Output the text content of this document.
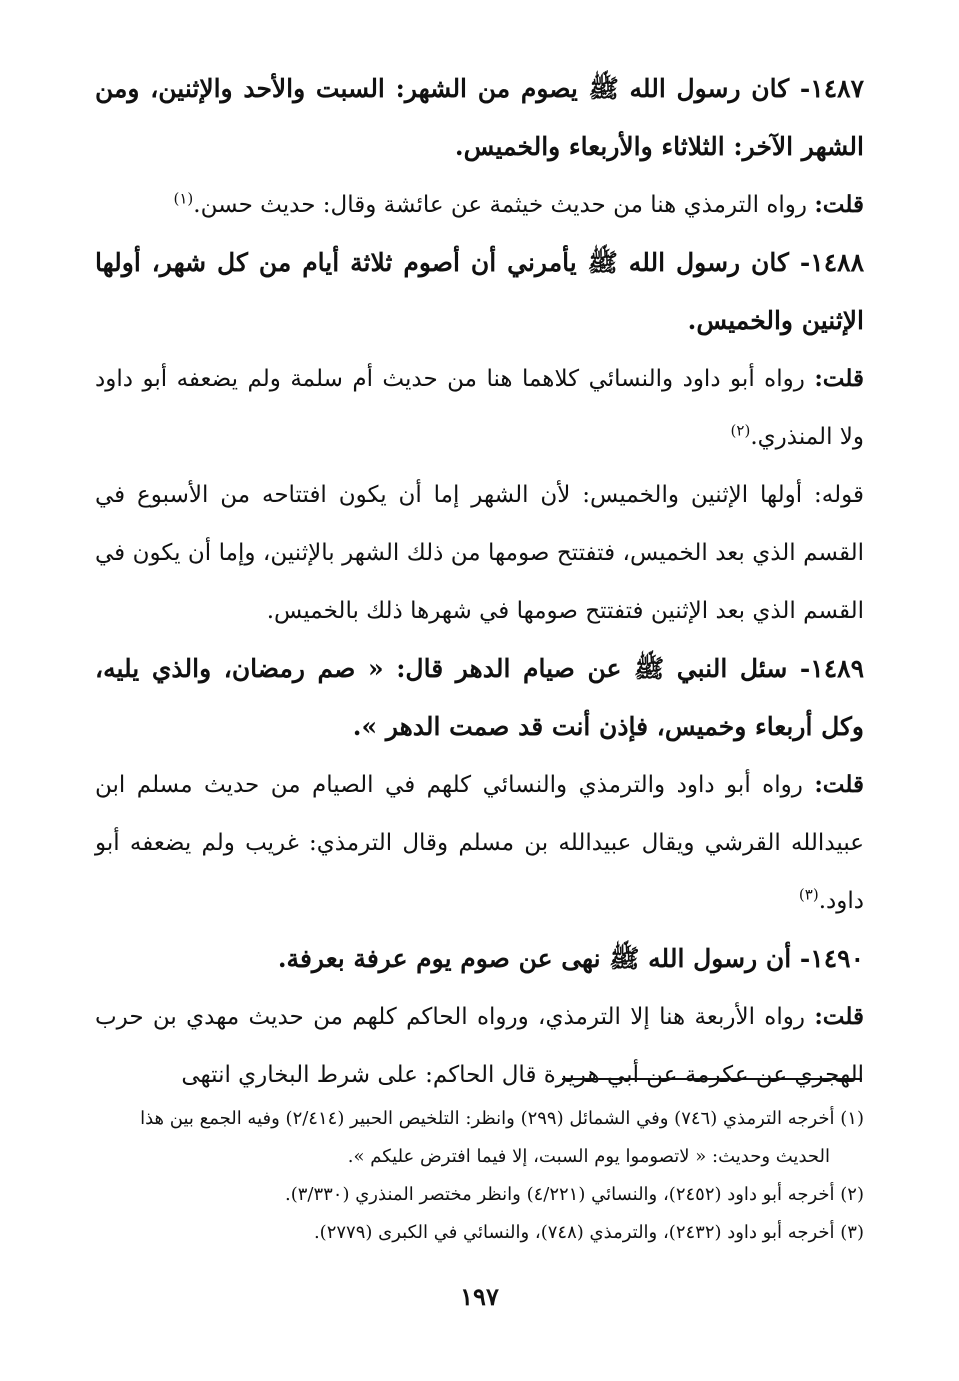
١٤٨٧- كان رسول الله ﷺ يصوم من الشهر: السبت والأحد والإثنين، ومن الشهر الآخر: الثلاثاء والأربعاء والخميس.

قلت: رواه الترمذي هنا من حديث خيثمة عن عائشة وقال: حديث حسن.$^{(١)}$

١٤٨٨- كان رسول الله ﷺ يأمرني أن أصوم ثلاثة أيام من كل شهر، أولها الإثنين والخميس.

قلت: رواه أبو داود والنسائي كلاهما هنا من حديث أم سلمة ولم يضعفه أبو داود ولا المنذري.$^{(٢)}$

قوله: أولها الإثنين والخميس: لأن الشهر إما أن يكون افتتاحه من الأسبوع في القسم الذي بعد الخميس، فتفتتح صومها من ذلك الشهر بالإثنين، وإما أن يكون في القسم الذي بعد الإثنين فتفتتح صومها في شهرها ذلك بالخميس.

١٤٨٩- سئل النبي ﷺ عن صيام الدهر قال: « صم رمضان، والذي يليه، وكل أربعاء وخميس، فإذن أنت قد صمت الدهر ».

قلت: رواه أبو داود والترمذي والنسائي كلهم في الصيام من حديث مسلم ابن عبيدالله القرشي ويقال عبيدالله بن مسلم وقال الترمذي: غريب ولم يضعفه أبو داود.$^{(٣)}$

١٤٩٠- أن رسول الله ﷺ نهى عن صوم يوم عرفة بعرفة.

قلت: رواه الأربعة هنا إلا الترمذي، ورواه الحاكم كلهم من حديث مهدي بن حرب الهجري عن عكرمة عن أبي هريرة قال الحاكم: على شرط البخاري انتهى

(١) أخرجه الترمذي (٧٤٦) وفي الشمائل (٢٩٩) وانظر: التلخيص الحبير (٢/٤١٤) وفيه الجمع بين هذا

الحديث وحديث: « لاتصوموا يوم السبت، إلا فيما افترض عليكم ».

(٢) أخرجه أبو داود (٢٤٥٢)، والنسائي (٤/٢٢١) وانظر مختصر المنذري (٣/٣٣٠).

(٣) أخرجه أبو داود (٢٤٣٢)، والترمذي (٧٤٨)، والنسائي في الكبرى (٢٧٧٩).

١٩٧
